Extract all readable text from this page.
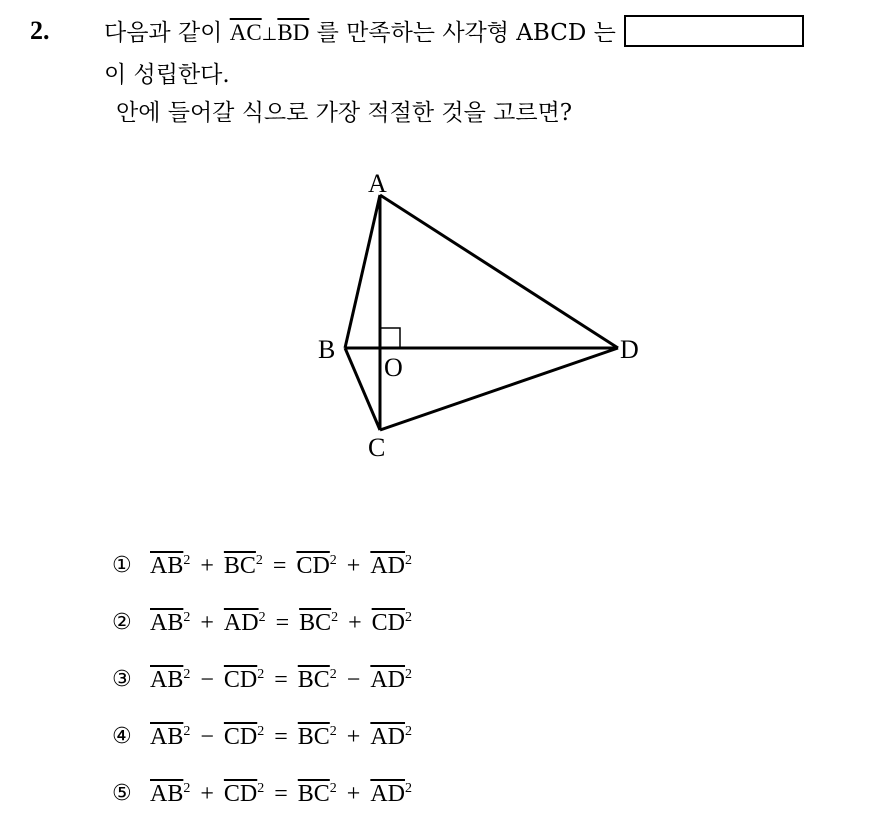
2. 다음과 같이 $\overline{AC}\perp\overline{BD}$ 를 만족하는 사각형 ABCD 는
이 성립한다.
안에 들어갈 식으로 가장 적절한 것을 고르면?
A
B
C
D
O
① $\overline{AB}^2 + \overline{BC}^2 = \overline{CD}^2 + \overline{AD}^2$
② $\overline{AB}^2 + \overline{AD}^2 = \overline{BC}^2 + \overline{CD}^2$
③ $\overline{AB}^2 - \overline{CD}^2 = \overline{BC}^2 - \overline{AD}^2$
④ $\overline{AB}^2 - \overline{CD}^2 = \overline{BC}^2 + \overline{AD}^2$
⑤ $\overline{AB}^2 + \overline{CD}^2 = \overline{BC}^2 + \overline{AD}^2$
